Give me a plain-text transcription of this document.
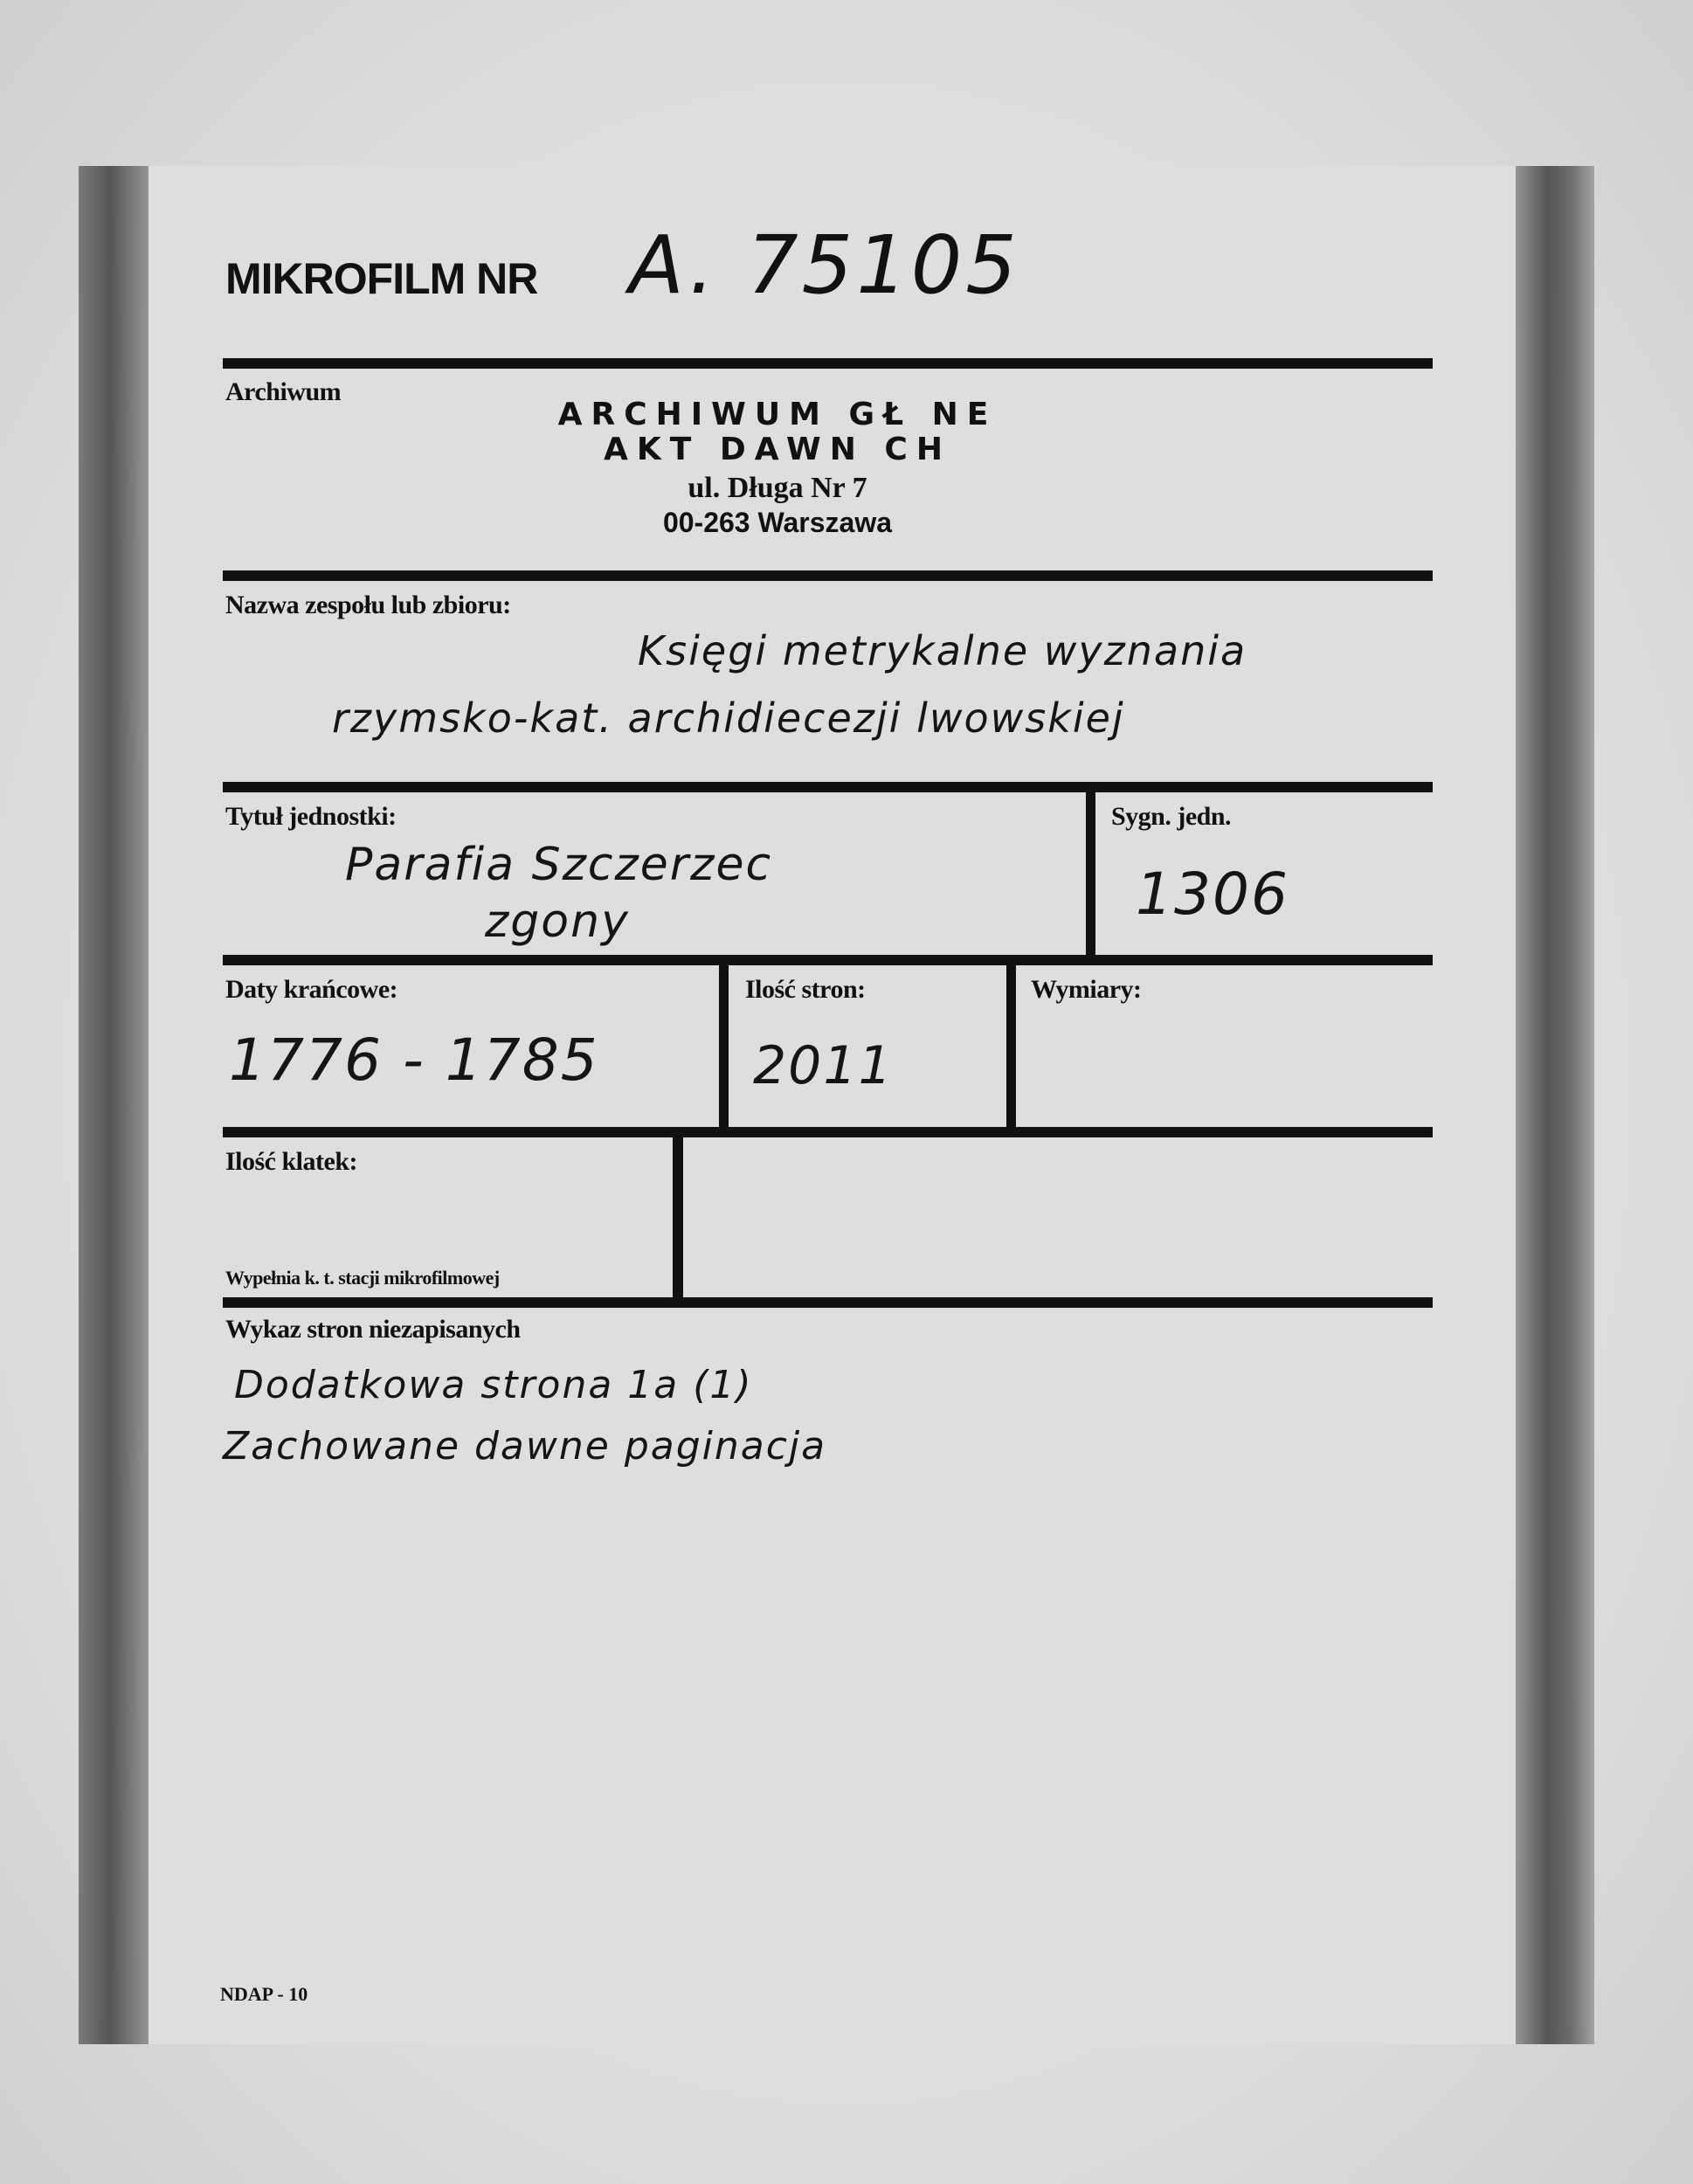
MIKROFILM NR A. 75105
Archiwum
ARCHIWUM GŁ NE
AKT DAWN CH
ul. Długa Nr 7
00-263 Warszawa
Nazwa zespołu lub zbioru:
Księgi metrykalne wyznania
rzymsko-kat. archidiecezji lwowskiej
Tytuł jednostki:
Parafia Szczerzec
zgony
Sygn. jedn.
1306
Daty krańcowe:
1776 - 1785
Ilość stron:
2011
Wymiary:
Ilość klatek:
Wypełnia k. t. stacji mikrofilmowej
Wykaz stron niezapisanych
Dodatkowa strona 1a (1)
Zachowane dawne paginacja
NDAP - 10
